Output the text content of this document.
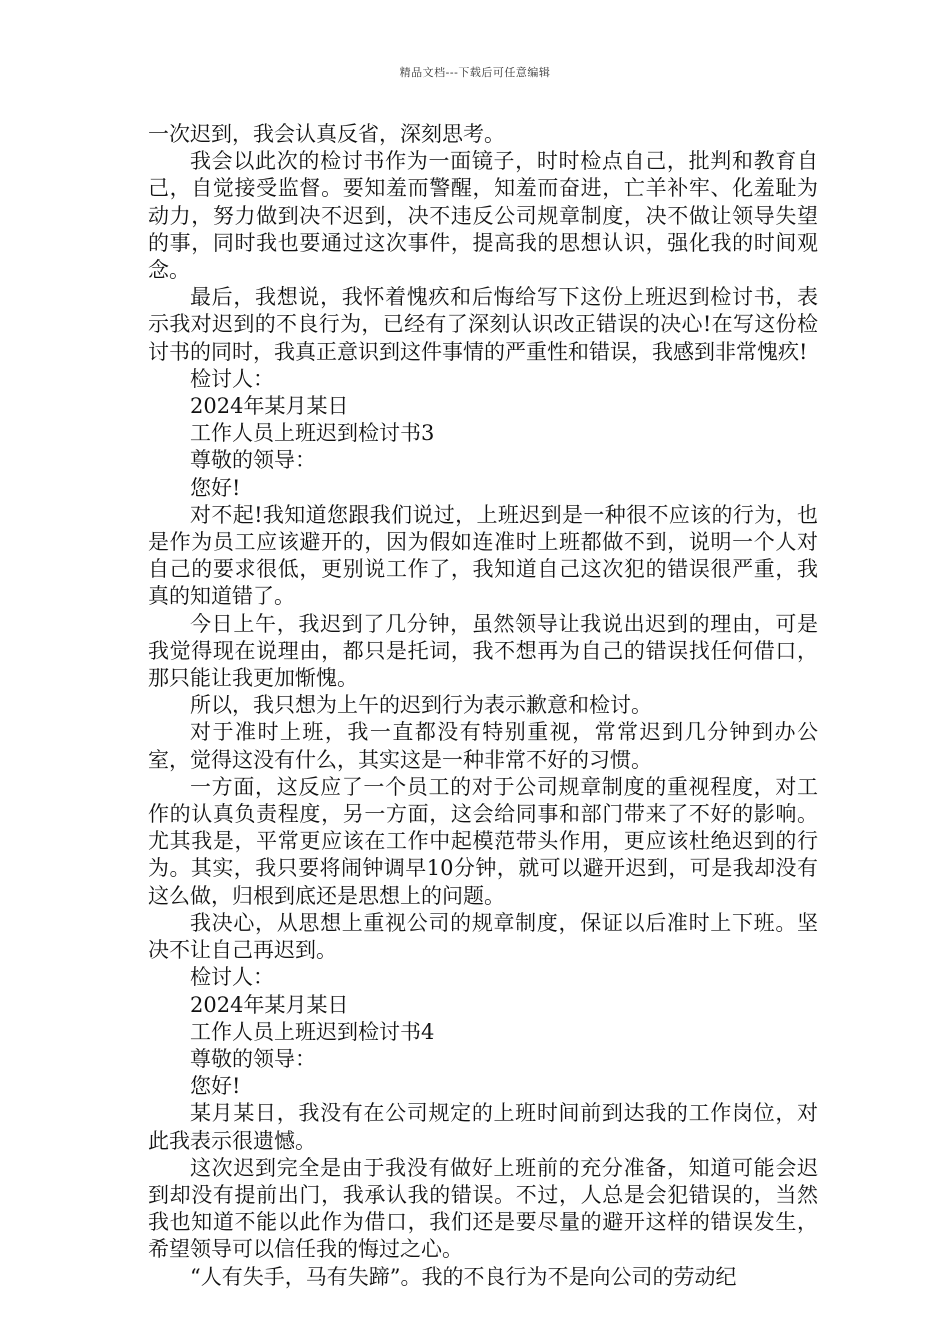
精品文档---下载后可任意编辑

一次迟到，我会认真反省，深刻思考。

我会以此次的检讨书作为一面镜子，时时检点自己，批判和教育自己，自觉接受监督。要知羞而警醒，知羞而奋进，亡羊补牢、化羞耻为动力，努力做到决不迟到，决不违反公司规章制度，决不做让领导失望的事，同时我也要通过这次事件，提高我的思想认识，强化我的时间观念。

最后，我想说，我怀着愧疚和后悔给写下这份上班迟到检讨书，表示我对迟到的不良行为，已经有了深刻认识改正错误的决心!在写这份检讨书的同时，我真正意识到这件事情的严重性和错误，我感到非常愧疚!

检讨人：

2024年某月某日

工作人员上班迟到检讨书3

尊敬的领导：

您好!

对不起!我知道您跟我们说过，上班迟到是一种很不应该的行为，也是作为员工应该避开的，因为假如连准时上班都做不到，说明一个人对自己的要求很低，更别说工作了，我知道自己这次犯的错误很严重，我真的知道错了。

今日上午，我迟到了几分钟，虽然领导让我说出迟到的理由，可是我觉得现在说理由，都只是托词，我不想再为自己的错误找任何借口，那只能让我更加惭愧。

所以，我只想为上午的迟到行为表示歉意和检讨。

对于准时上班，我一直都没有特别重视，常常迟到几分钟到办公室，觉得这没有什么，其实这是一种非常不好的习惯。

一方面，这反应了一个员工的对于公司规章制度的重视程度，对工作的认真负责程度，另一方面，这会给同事和部门带来了不好的影响。尤其我是，平常更应该在工作中起模范带头作用，更应该杜绝迟到的行为。其实，我只要将闹钟调早10分钟，就可以避开迟到，可是我却没有这么做，归根到底还是思想上的问题。

我决心，从思想上重视公司的规章制度，保证以后准时上下班。坚决不让自己再迟到。

检讨人：

2024年某月某日

工作人员上班迟到检讨书4

尊敬的领导：

您好!

某月某日，我没有在公司规定的上班时间前到达我的工作岗位，对此我表示很遗憾。

这次迟到完全是由于我没有做好上班前的充分准备，知道可能会迟到却没有提前出门，我承认我的错误。不过，人总是会犯错误的，当然我也知道不能以此作为借口，我们还是要尽量的避开这样的错误发生，希望领导可以信任我的悔过之心。

“人有失手，马有失蹄”。我的不良行为不是向公司的劳动纪
